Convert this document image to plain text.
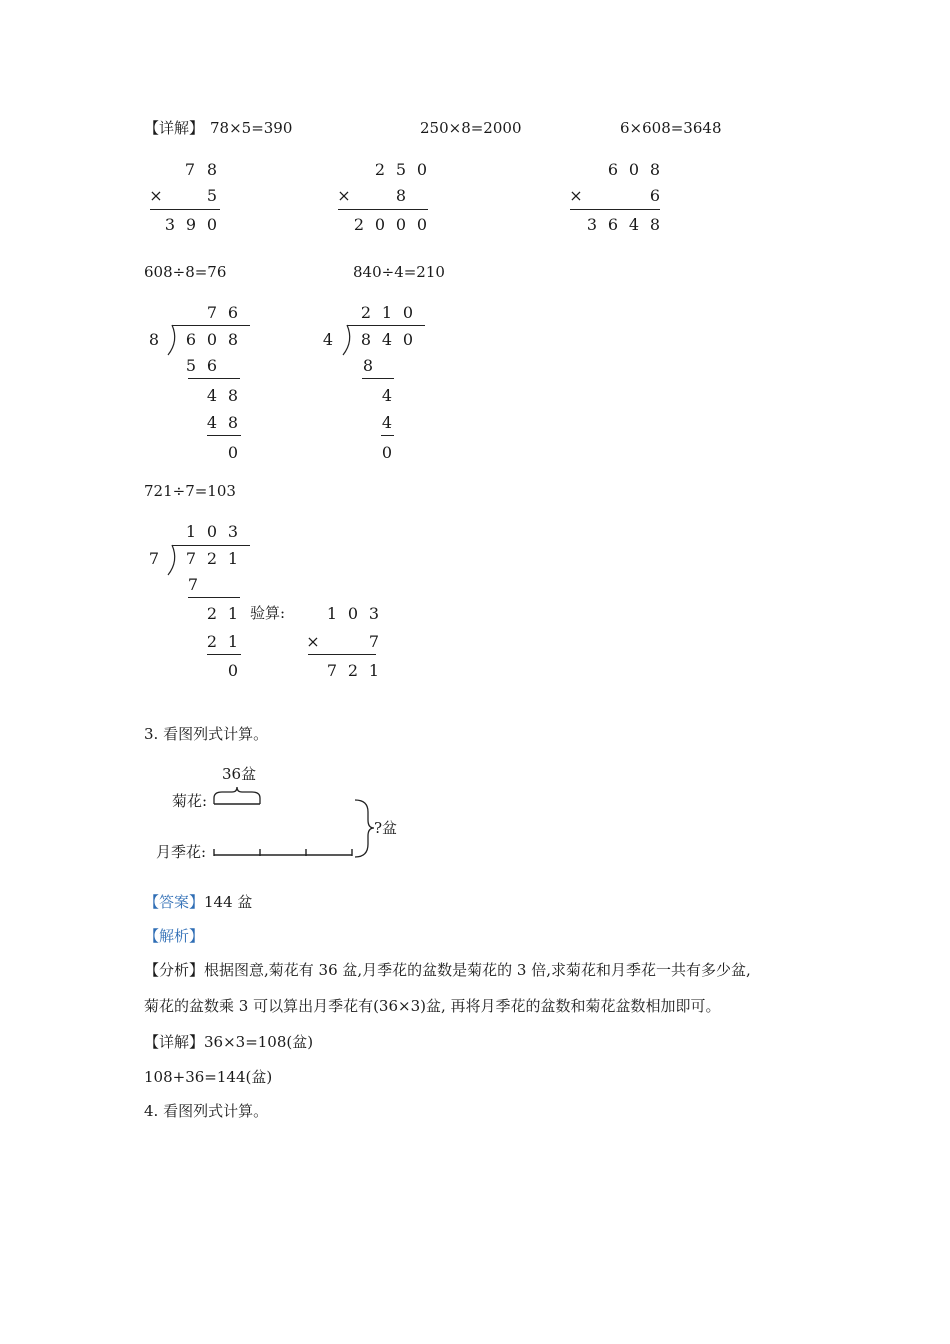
【详解】 78×5=390	250×8=2000	6×608=3648
7 8
×	5
3 9 0
2 5 0
×	8
2 0 0 0
6 0 8
×	6
3 6 4 8
608÷8=76	840÷4=210
7 6
8	6 0 8
5 6
4 8
4 8
0
2 1 0
4	8 4 0
8
4
4
0
721÷7=103
1 0 3
7	7 2 1
7
2 1
2 1
0
验算:	1 0 3
×	7
7 2 1
3. 看图列式计算。
36盆
菊花:
月季花:
?盆
【答案】144 盆
【解析】
【分析】根据图意,菊花有 36 盆,月季花的盆数是菊花的 3 倍,求菊花和月季花一共有多少盆,
菊花的盆数乘 3 可以算出月季花有(36×3)盆, 再将月季花的盆数和菊花盆数相加即可。
【详解】36×3=108(盆)
108+36=144(盆)
4. 看图列式计算。
